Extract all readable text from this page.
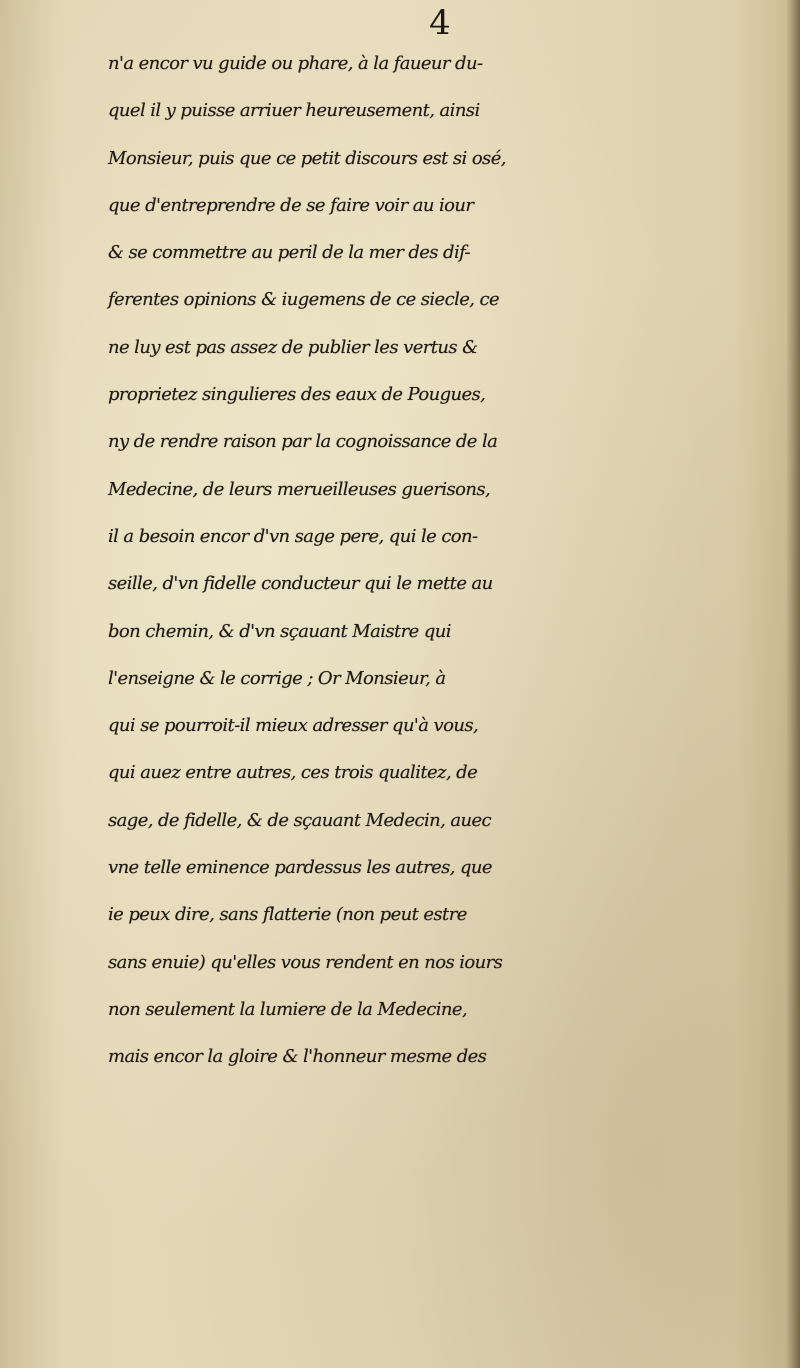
4
n'a encor vu guide ou phare, à la faueur du-
quel il y puisse arriuer heureusement, ainsi
Monsieur, puis que ce petit discours est si osé,
que d'entreprendre de se faire voir au iour
& se commettre au peril de la mer des dif-
ferentes opinions & iugemens de ce siecle, ce
ne luy est pas assez de publier les vertus &
proprietez singulieres des eaux de Pougues,
ny de rendre raison par la cognoissance de la
Medecine, de leurs merueilleuses guerisons,
il a besoin encor d'vn sage pere, qui le con-
seille, d'vn fidelle conducteur qui le mette au
bon chemin, & d'vn sçauant Maistre qui
l'enseigne & le corrige ; Or Monsieur, à
qui se pourroit-il mieux adresser qu'à vous,
qui auez entre autres, ces trois qualitez, de
sage, de fidelle, & de sçauant Medecin, auec
vne telle eminence pardessus les autres, que
ie peux dire, sans flatterie (non peut estre
sans enuie) qu'elles vous rendent en nos iours
non seulement la lumiere de la Medecine,
mais encor la gloire & l'honneur mesme des
